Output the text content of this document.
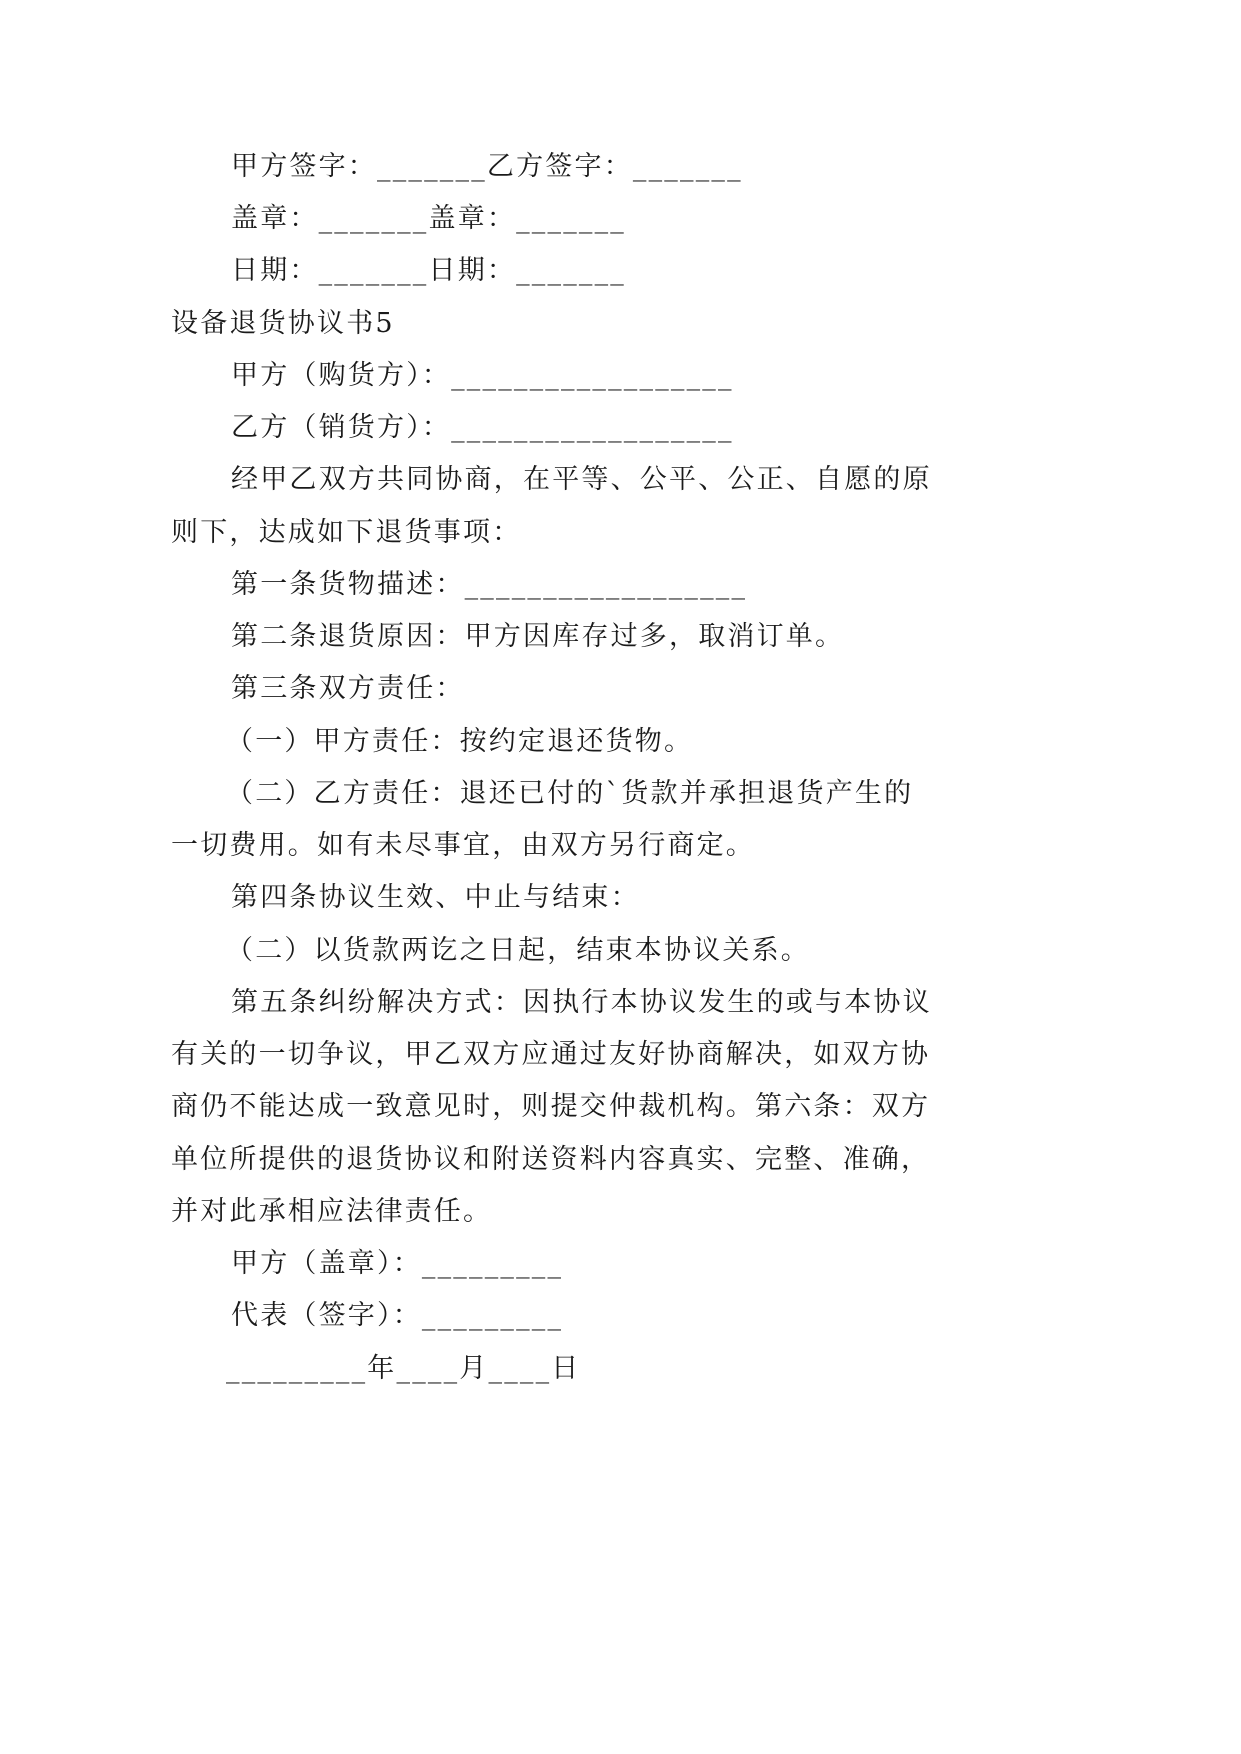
甲方签字：_______乙方签字：_______
盖章：_______盖章：_______
日期：_______日期：_______
设备退货协议书5
甲方（购货方）：__________________
乙方（销货方）：__________________
经甲乙双方共同协商，在平等、公平、公正、自愿的原
则下，达成如下退货事项：
第一条货物描述：__________________
第二条退货原因：甲方因库存过多，取消订单。
第三条双方责任：
（一）甲方责任：按约定退还货物。
（二）乙方责任：退还已付的`货款并承担退货产生的
一切费用。如有未尽事宜，由双方另行商定。
第四条协议生效、中止与结束：
（二）以货款两讫之日起，结束本协议关系。
第五条纠纷解决方式：因执行本协议发生的或与本协议
有关的一切争议，甲乙双方应通过友好协商解决，如双方协
商仍不能达成一致意见时，则提交仲裁机构。第六条：双方
单位所提供的退货协议和附送资料内容真实、完整、准确，
并对此承相应法律责任。
甲方（盖章）：_________
代表（签字）：_________
_________年____月____日
